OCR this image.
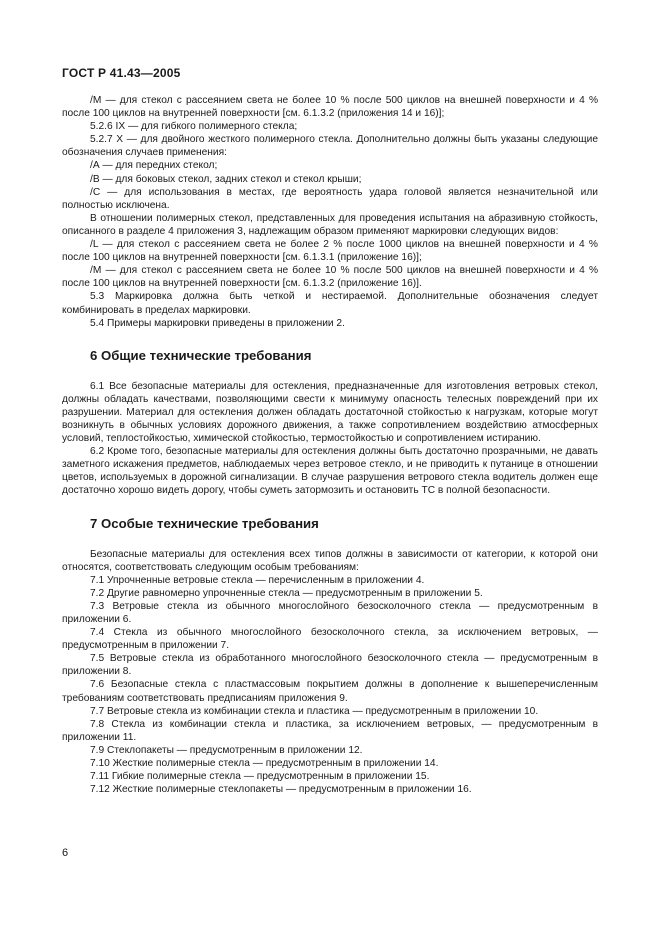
ГОСТ Р 41.43—2005

/М — для стекол с рассеянием света не более 10 % после 500 циклов на внешней поверхности и 4 % после 100 циклов на внутренней поверхности [см. 6.1.3.2 (приложения 14 и 16)];

5.2.6 IX — для гибкого полимерного стекла;

5.2.7 X — для двойного жесткого полимерного стекла. Дополнительно должны быть указаны следующие обозначения случаев применения:

/А — для передних стекол;

/В — для боковых стекол, задних стекол и стекол крыши;

/С — для использования в местах, где вероятность удара головой является незначительной или полностью исключена.

В отношении полимерных стекол, представленных для проведения испытания на абразивную стойкость, описанного в разделе 4 приложения 3, надлежащим образом применяют маркировки следующих видов:

/L — для стекол с рассеянием света не более 2 % после 1000 циклов на внешней поверхности и 4 % после 100 циклов на внутренней поверхности [см. 6.1.3.1 (приложение 16)];

/М — для стекол с рассеянием света не более 10 % после 500 циклов на внешней поверхности и 4 % после 100 циклов на внутренней поверхности [см. 6.1.3.2 (приложение 16)].

5.3 Маркировка должна быть четкой и нестираемой. Дополнительные обозначения следует комбинировать в пределах маркировки.

5.4 Примеры маркировки приведены в приложении 2.

6 Общие технические требования

6.1 Все безопасные материалы для остекления, предназначенные для изготовления ветровых стекол, должны обладать качествами, позволяющими свести к минимуму опасность телесных повреждений при их разрушении. Материал для остекления должен обладать достаточной стойкостью к нагрузкам, которые могут возникнуть в обычных условиях дорожного движения, а также сопротивлением воздействию атмосферных условий, теплостойкостью, химической стойкостью, термостойкостью и сопротивлением истиранию.

6.2 Кроме того, безопасные материалы для остекления должны быть достаточно прозрачными, не давать заметного искажения предметов, наблюдаемых через ветровое стекло, и не приводить к путанице в отношении цветов, используемых в дорожной сигнализации. В случае разрушения ветрового стекла водитель должен еще достаточно хорошо видеть дорогу, чтобы суметь затормозить и остановить ТС в полной безопасности.

7 Особые технические требования

Безопасные материалы для остекления всех типов должны в зависимости от категории, к которой они относятся, соответствовать следующим особым требованиям:

7.1 Упрочненные ветровые стекла — перечисленным в приложении 4.

7.2 Другие равномерно упрочненные стекла — предусмотренным в приложении 5.

7.3 Ветровые стекла из обычного многослойного безосколочного стекла — предусмотренным в приложении 6.

7.4 Стекла из обычного многослойного безосколочного стекла, за исключением ветровых, — предусмотренным в приложении 7.

7.5 Ветровые стекла из обработанного многослойного безосколочного стекла — предусмотренным в приложении 8.

7.6 Безопасные стекла с пластмассовым покрытием должны в дополнение к вышеперечисленным требованиям соответствовать предписаниям приложения 9.

7.7 Ветровые стекла из комбинации стекла и пластика — предусмотренным в приложении 10.

7.8 Стекла из комбинации стекла и пластика, за исключением ветровых, — предусмотренным в приложении 11.

7.9 Стеклопакеты — предусмотренным в приложении 12.

7.10 Жесткие полимерные стекла — предусмотренным в приложении 14.

7.11 Гибкие полимерные стекла — предусмотренным в приложении 15.

7.12 Жесткие полимерные стеклопакеты — предусмотренным в приложении 16.

6
